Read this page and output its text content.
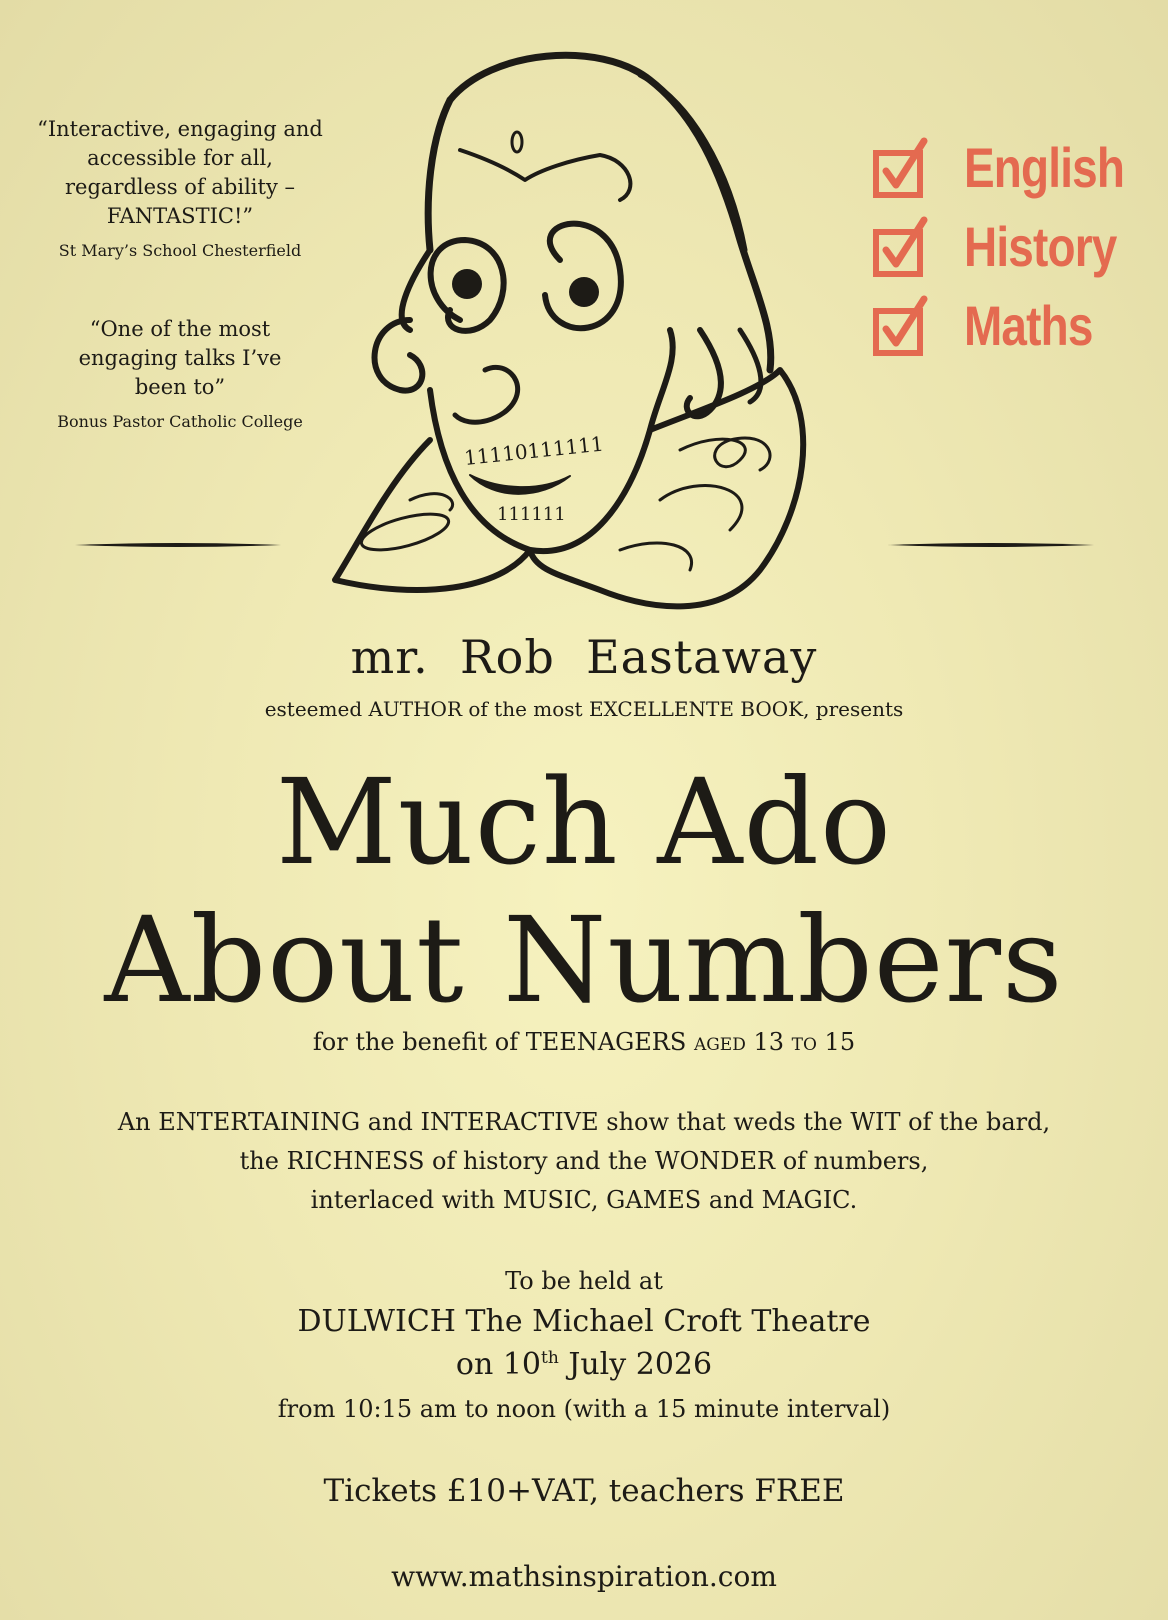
“Interactive, engaging and accessible for all, regardless of ability – FANTASTIC!”
St Mary’s School Chesterfield
“One of the most engaging talks I’ve been to”
Bonus Pastor Catholic College
English
History
Maths
11110111111
111111
mr.  Rob  Eastaway
esteemed AUTHOR of the most EXCELLENTE BOOK, presents
Much Ado
About Numbers
for the benefit of TEENAGERS aged 13 to 15
An ENTERTAINING and INTERACTIVE show that weds the WIT of the bard,
the RICHNESS of history and the WONDER of numbers,
interlaced with MUSIC, GAMES and MAGIC.
To be held at
DULWICH The Michael Croft Theatre
on 10th July 2026
from 10:15 am to noon (with a 15 minute interval)
Tickets £10+VAT, teachers FREE
www.mathsinspiration.com
